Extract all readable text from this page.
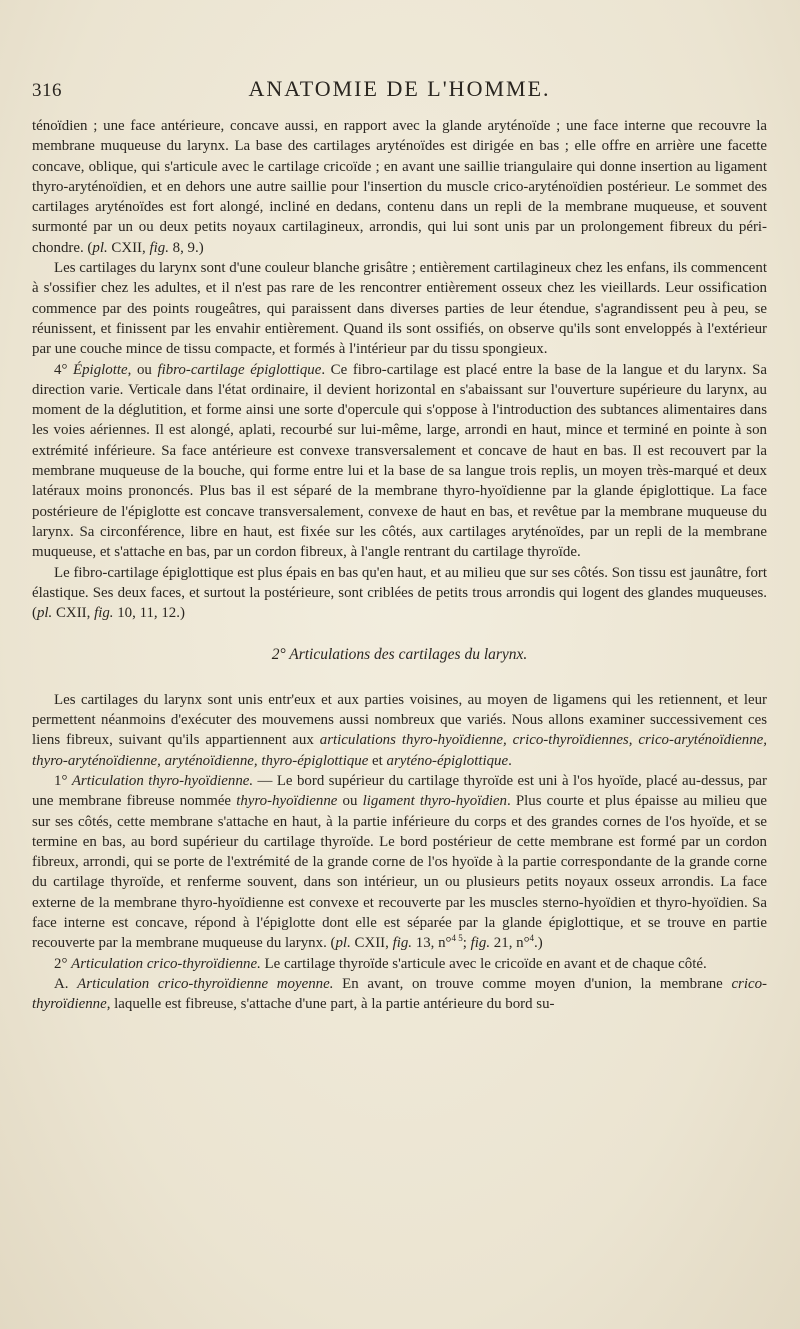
316	ANATOMIE DE L'HOMME.

ténoïdien ; une face antérieure, concave aussi, en rapport avec la glande aryténoïde ; une face interne que recouvre la membrane muqueuse du larynx. La base des cartilages aryténoïdes est dirigée en bas ; elle offre en arrière une facette concave, oblique, qui s'articule avec le cartilage cricoïde ; en avant une saillie triangulaire qui donne insertion au ligament thyro-aryténoïdien, et en dehors une autre saillie pour l'insertion du muscle crico-aryténoïdien postérieur. Le sommet des cartilages aryténoïdes est fort alongé, incliné en dedans, contenu dans un repli de la membrane muqueuse, et souvent surmonté par un ou deux petits noyaux cartilagineux, arrondis, qui lui sont unis par un prolongement fibreux du péri-chondre. (pl. CXII, fig. 8, 9.)

Les cartilages du larynx sont d'une couleur blanche grisâtre ; entièrement cartilagineux chez les enfans, ils commencent à s'ossifier chez les adultes, et il n'est pas rare de les rencontrer entièrement osseux chez les vieillards. Leur ossification commence par des points rougeâtres, qui paraissent dans diverses parties de leur étendue, s'agrandissent peu à peu, se réunissent, et finissent par les envahir entièrement. Quand ils sont ossifiés, on observe qu'ils sont enveloppés à l'extérieur par une couche mince de tissu compacte, et formés à l'intérieur par du tissu spongieux.

4° Épiglotte, ou fibro-cartilage épiglottique. Ce fibro-cartilage est placé entre la base de la langue et du larynx. Sa direction varie. Verticale dans l'état ordinaire, il devient horizontal en s'abaissant sur l'ouverture supérieure du larynx, au moment de la déglutition, et forme ainsi une sorte d'opercule qui s'oppose à l'introduction des subtances alimentaires dans les voies aériennes. Il est alongé, aplati, recourbé sur lui-même, large, arrondi en haut, mince et terminé en pointe à son extrémité inférieure. Sa face antérieure est convexe transversalement et concave de haut en bas. Il est recouvert par la membrane muqueuse de la bouche, qui forme entre lui et la base de sa langue trois replis, un moyen très-marqué et deux latéraux moins prononcés. Plus bas il est séparé de la membrane thyro-hyoïdienne par la glande épiglottique. La face postérieure de l'épiglotte est concave transversalement, convexe de haut en bas, et revêtue par la membrane muqueuse du larynx. Sa circonférence, libre en haut, est fixée sur les côtés, aux cartilages aryténoïdes, par un repli de la membrane muqueuse, et s'attache en bas, par un cordon fibreux, à l'angle rentrant du cartilage thyroïde.

Le fibro-cartilage épiglottique est plus épais en bas qu'en haut, et au milieu que sur ses côtés. Son tissu est jaunâtre, fort élastique. Ses deux faces, et surtout la postérieure, sont criblées de petits trous arrondis qui logent des glandes muqueuses. (pl. CXII, fig. 10, 11, 12.)

2° Articulations des cartilages du larynx.

Les cartilages du larynx sont unis entr'eux et aux parties voisines, au moyen de ligamens qui les retiennent, et leur permettent néanmoins d'exécuter des mouvemens aussi nombreux que variés. Nous allons examiner successivement ces liens fibreux, suivant qu'ils appartiennent aux articulations thyro-hyoïdienne, crico-thyroïdiennes, crico-aryténoïdienne, thyro-aryténoïdienne, aryténoïdienne, thyro-épiglottique et aryténo-épiglottique.

1° Articulation thyro-hyoïdienne. — Le bord supérieur du cartilage thyroïde est uni à l'os hyoïde, placé au-dessus, par une membrane fibreuse nommée thyro-hyoïdienne ou ligament thyro-hyoïdien. Plus courte et plus épaisse au milieu que sur ses côtés, cette membrane s'attache en haut, à la partie inférieure du corps et des grandes cornes de l'os hyoïde, et se termine en bas, au bord supérieur du cartilage thyroïde. Le bord postérieur de cette membrane est formé par un cordon fibreux, arrondi, qui se porte de l'extrémité de la grande corne de l'os hyoïde à la partie correspondante de la grande corne du cartilage thyroïde, et renferme souvent, dans son intérieur, un ou plusieurs petits noyaux osseux arrondis. La face externe de la membrane thyro-hyoïdienne est convexe et recouverte par les muscles sterno-hyoïdien et thyro-hyoïdien. Sa face interne est concave, répond à l'épiglotte dont elle est séparée par la glande épiglottique, et se trouve en partie recouverte par la membrane muqueuse du larynx. (pl. CXII, fig. 13, n°$^{4 5}$; fig. 21, n°$^4$.)

2° Articulation crico-thyroïdienne. Le cartilage thyroïde s'articule avec le cricoïde en avant et de chaque côté.

A. Articulation crico-thyroïdienne moyenne. En avant, on trouve comme moyen d'union, la membrane crico-thyroïdienne, laquelle est fibreuse, s'attache d'une part, à la partie antérieure du bord su-
